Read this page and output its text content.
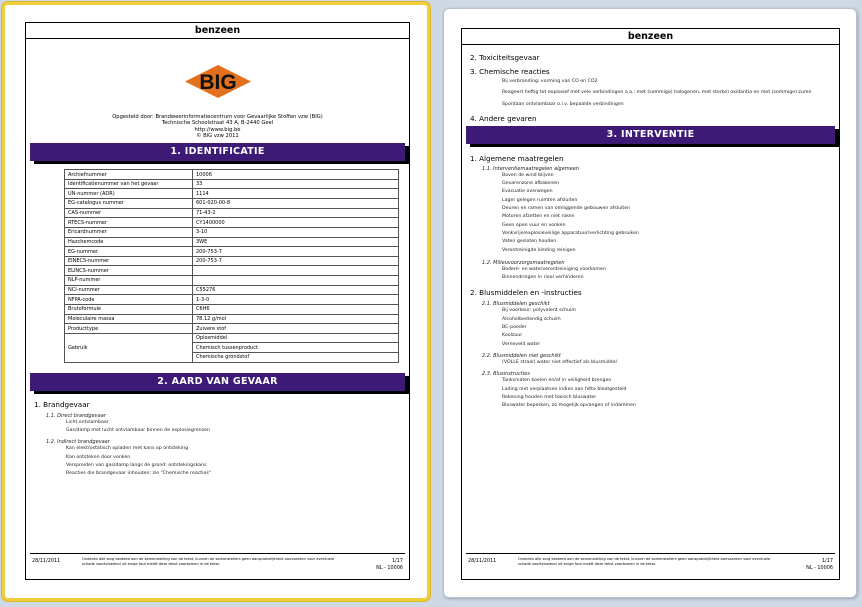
benzeen
BIG
Opgesteld door: Brandweerinformatiecentrum voor Gevaarlijke Stoffen vzw (BIG)
Technische Schoolstraat 43 A, B-2440 Geel
http://www.big.be
© BIG vzw 2011
1. IDENTIFICATIE
Archiefnummer	10006
Identificatienummer van het gevaar	33
UN-nummer (ADR)	1114
EG-catalogus nummer	601-020-00-8
CAS-nummer	71-43-2
RTECS-nummer	CY1400000
Ericardnummer	3-10
Hazchemcode	3WE
EG-nummer	200-753-7
EINECS-nummer	200-753-7
ELINCS-nummer	
NLP-nummer	
NCI-nummer	C55276
NFPA-code	1-3-0
Brutoformule	C6H6
Moleculaire massa	78.12 g/mol
Producttype	Zuivere stof
Gebruik	Oplosmiddel
	Chemisch tussenproduct
	Chemische grondstof
2. AARD VAN GEVAAR
1. Brandgevaar
1.1. Direct brandgevaar
Licht ontvlambaar
Gas/damp met lucht ontvlambaar binnen de explosiegrenzen
1.2. Indirect brandgevaar
Kan elektrostatisch opladen met kans op ontsteking
Kan ontsteken door vonken
Verspreiden van gas/damp langs de grond: ontstekingskans
Reacties die brandgevaar inhouden: zie "Chemische reacties"
28/11/2011	Ondanks alle zorg besteed aan de samenstelling van de tekst, kunnen de samenstellers geen aansprakelijkheid aanvaarden voor eventuele schade voortvloeiend uit enige fout meeft deze tekst voorkomen in de tekst.	1/17
NL - 10006
benzeen
2. Toxiciteitsgevaar
3. Chemische reacties
Bij verbranding: vorming van CO en CO2
Reageert heftig tot explosief met vele verbindingen o.a.: met (sommige) halogenen, met sterke) oxidantia en met (sommige) zuren
Spontaan ontvlambaar o.i.v. bepaalde verbindingen
4. Andere gevaren
3. INTERVENTIE
1. Algemene maatregelen
1.1. Interventiemaatregelen algemeen
Boven de wind blijven
Gevarenzone afbakenen
Evacuatie overwegen
Lager gelegen ruimten afsluiten
Deuren en ramen van omliggende gebouwen afsluiten
Motoren afzetten en niet roken
Geen open vuur en vonken
Vonkvrije/explosieveilige apparatuur/verlichting gebruiken
Vaten gesloten houden
Verontreinigde kleding reinigen
1.2. Milieuvoorzorgsmaatregelen
Bodem- en waterverontreiniging voorkomen
Binnendringen in riool verhinderen
2. Blusmiddelen en -instructies
2.1. Blusmiddelen geschikt
Bij voorkeur: polyvalent schuim
Alcoholbestendig schuim
BC-poeder
Koolzuur
Verneveld water
2.2. Blusmiddelen niet geschikt
(VOLLE straal) water niet effectief als blusmiddel
2.3. Blusinstructies
Tanks/vaten koelen en/of in veiligheid brengen
Lading niet verplaatsen indien aan hitte blootgesteld
Rekening houden met toxisch bluswater
Bluswater beperken, zo mogelijk opvangen of indammen
28/11/2011	Ondanks alle zorg besteed aan de samenstelling van de tekst, kunnen de samenstellers geen aansprakelijkheid aanvaarden voor eventuele schade voortvloeiend uit enige fout meeft deze tekst voorkomen in de tekst.	1/17
NL - 10006
